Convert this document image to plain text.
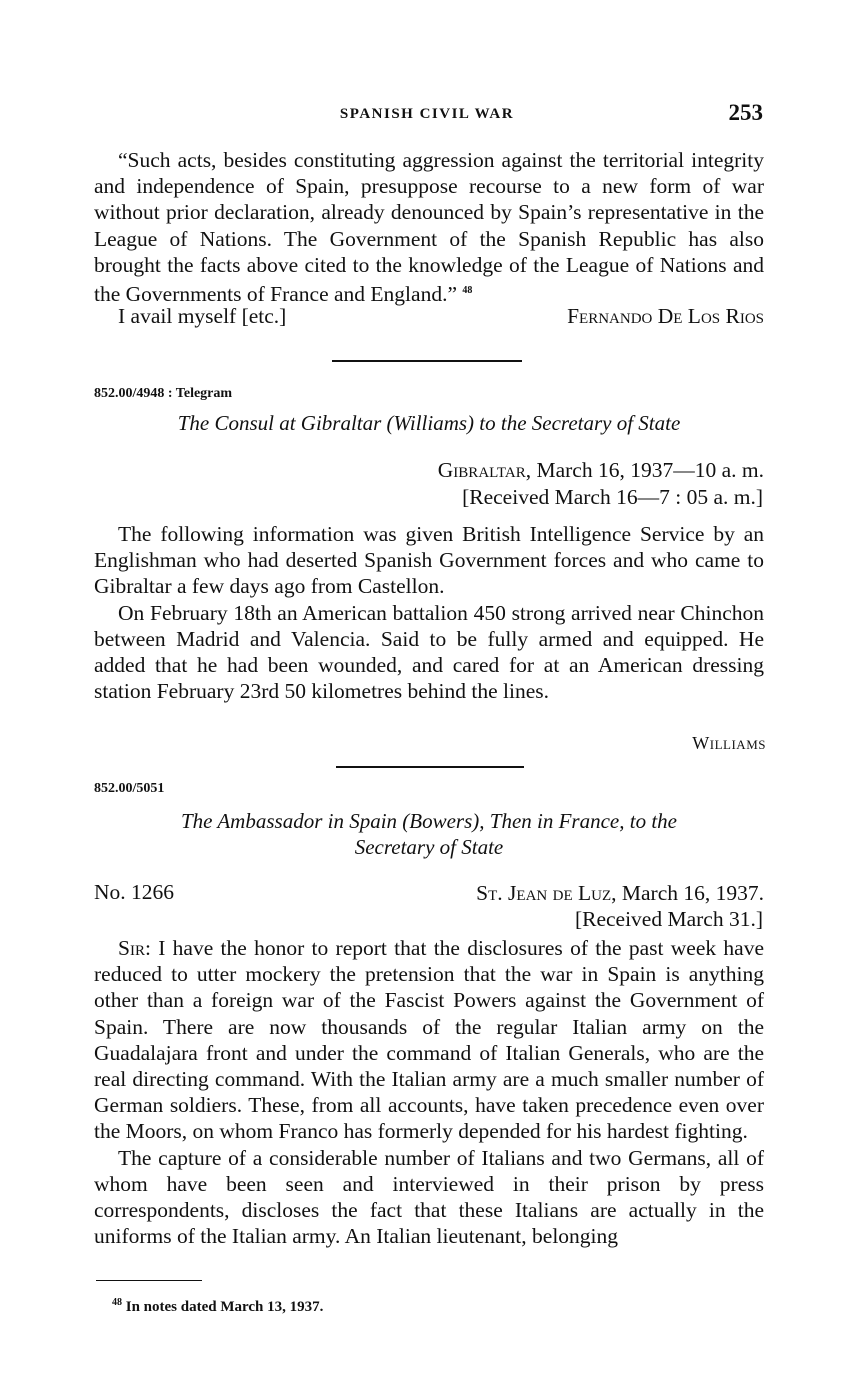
SPANISH CIVIL WAR	253

“Such acts, besides constituting aggression against the territorial integrity and independence of Spain, presuppose recourse to a new form of war without prior declaration, already denounced by Spain’s representative in the League of Nations. The Government of the Spanish Republic has also brought the facts above cited to the knowledge of the League of Nations and the Governments of France and England.” $^{48}$

I avail myself [etc.]	Fernando De Los Rios
852.00/4948 : Telegram
The Consul at Gibraltar (Williams) to the Secretary of State
Gibraltar, March 16, 1937—10 a. m.
[Received March 16—7 : 05 a. m.]

The following information was given British Intelligence Service by an Englishman who had deserted Spanish Government forces and who came to Gibraltar a few days ago from Castellon.

On February 18th an American battalion 450 strong arrived near Chinchon between Madrid and Valencia. Said to be fully armed and equipped. He added that he had been wounded, and cared for at an American dressing station February 23rd 50 kilometres behind the lines.

Williams
852.00/5051
The Ambassador in Spain (Bowers), Then in France, to the
Secretary of State
No. 1266	St. Jean de Luz, March 16, 1937.
[Received March 31.]

Sir: I have the honor to report that the disclosures of the past week have reduced to utter mockery the pretension that the war in Spain is anything other than a foreign war of the Fascist Powers against the Government of Spain. There are now thousands of the regular Italian army on the Guadalajara front and under the command of Italian Generals, who are the real directing command. With the Italian army are a much smaller number of German soldiers. These, from all accounts, have taken precedence even over the Moors, on whom Franco has formerly depended for his hardest fighting.

The capture of a considerable number of Italians and two Germans, all of whom have been seen and interviewed in their prison by press correspondents, discloses the fact that these Italians are actually in the uniforms of the Italian army. An Italian lieutenant, belonging

$^{48}$ In notes dated March 13, 1937.
